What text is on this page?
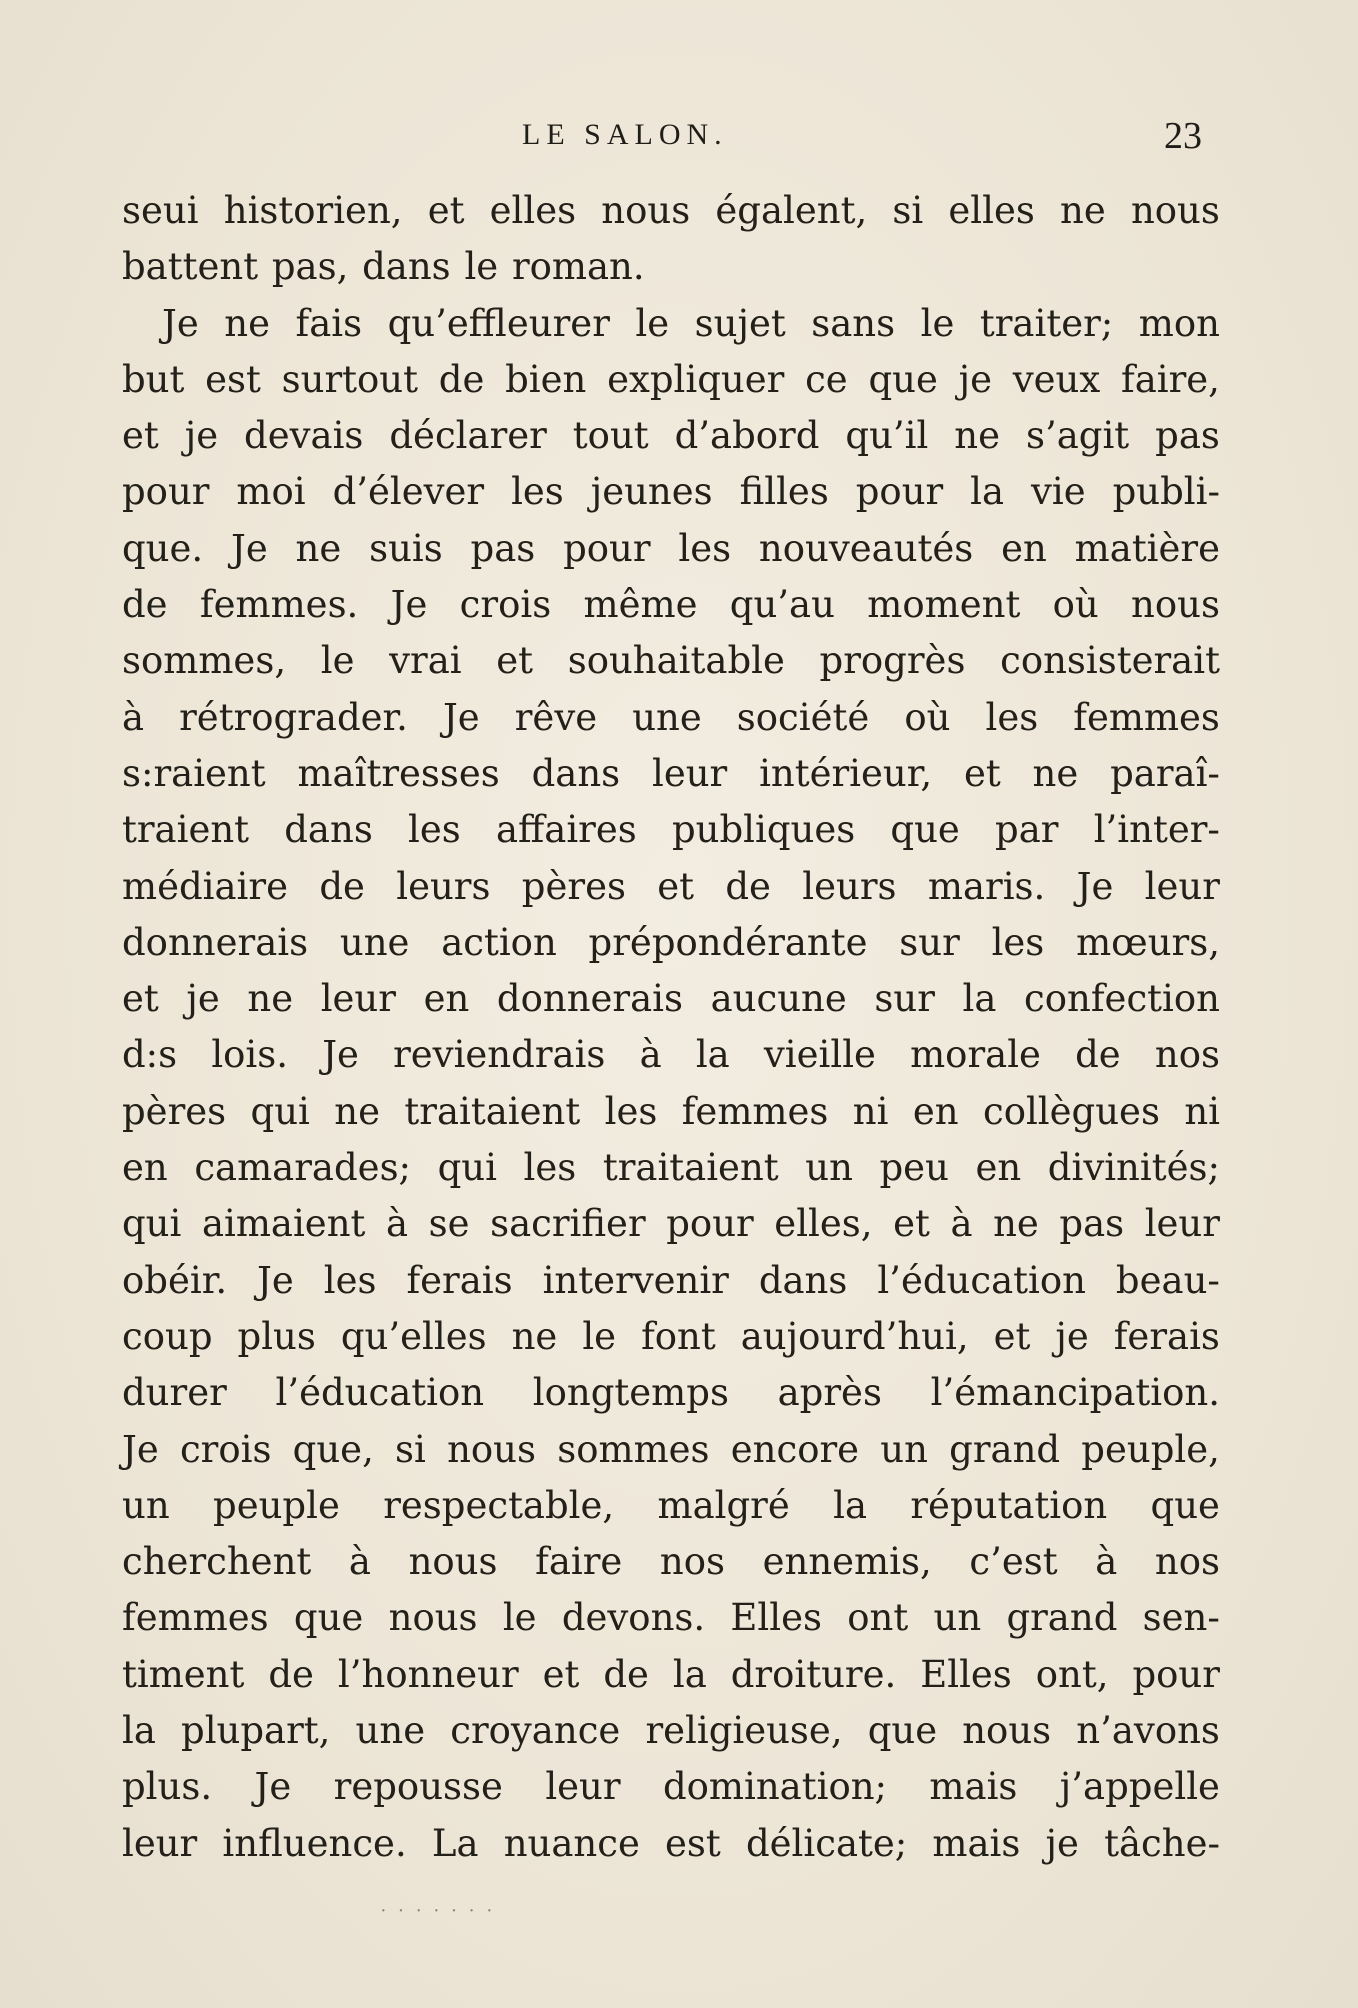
LE SALON.	23
seui historien, et elles nous égalent, si elles ne nous
battent pas, dans le roman.
Je ne fais qu’effleurer le sujet sans le traiter; mon
but est surtout de bien expliquer ce que je veux faire,
et je devais déclarer tout d’abord qu’il ne s’agit pas
pour moi d’élever les jeunes filles pour la vie publi-
que. Je ne suis pas pour les nouveautés en matière
de femmes. Je crois même qu’au moment où nous
sommes, le vrai et souhaitable progrès consisterait
à rétrograder. Je rêve une société où les femmes
s:raient maîtresses dans leur intérieur, et ne paraî-
traient dans les affaires publiques que par l’inter-
médiaire de leurs pères et de leurs maris. Je leur
donnerais une action prépondérante sur les mœurs,
et je ne leur en donnerais aucune sur la confection
d:s lois. Je reviendrais à la vieille morale de nos
pères qui ne traitaient les femmes ni en collègues ni
en camarades; qui les traitaient un peu en divinités;
qui aimaient à se sacrifier pour elles, et à ne pas leur
obéir. Je les ferais intervenir dans l’éducation beau-
coup plus qu’elles ne le font aujourd’hui, et je ferais
durer l’éducation longtemps après l’émancipation.
Je crois que, si nous sommes encore un grand peuple,
un peuple respectable, malgré la réputation que
cherchent à nous faire nos ennemis, c’est à nos
femmes que nous le devons. Elles ont un grand sen-
timent de l’honneur et de la droiture. Elles ont, pour
la plupart, une croyance religieuse, que nous n’avons
plus. Je repousse leur domination; mais j’appelle
leur influence. La nuance est délicate; mais je tâche-
· · · · · · ·
